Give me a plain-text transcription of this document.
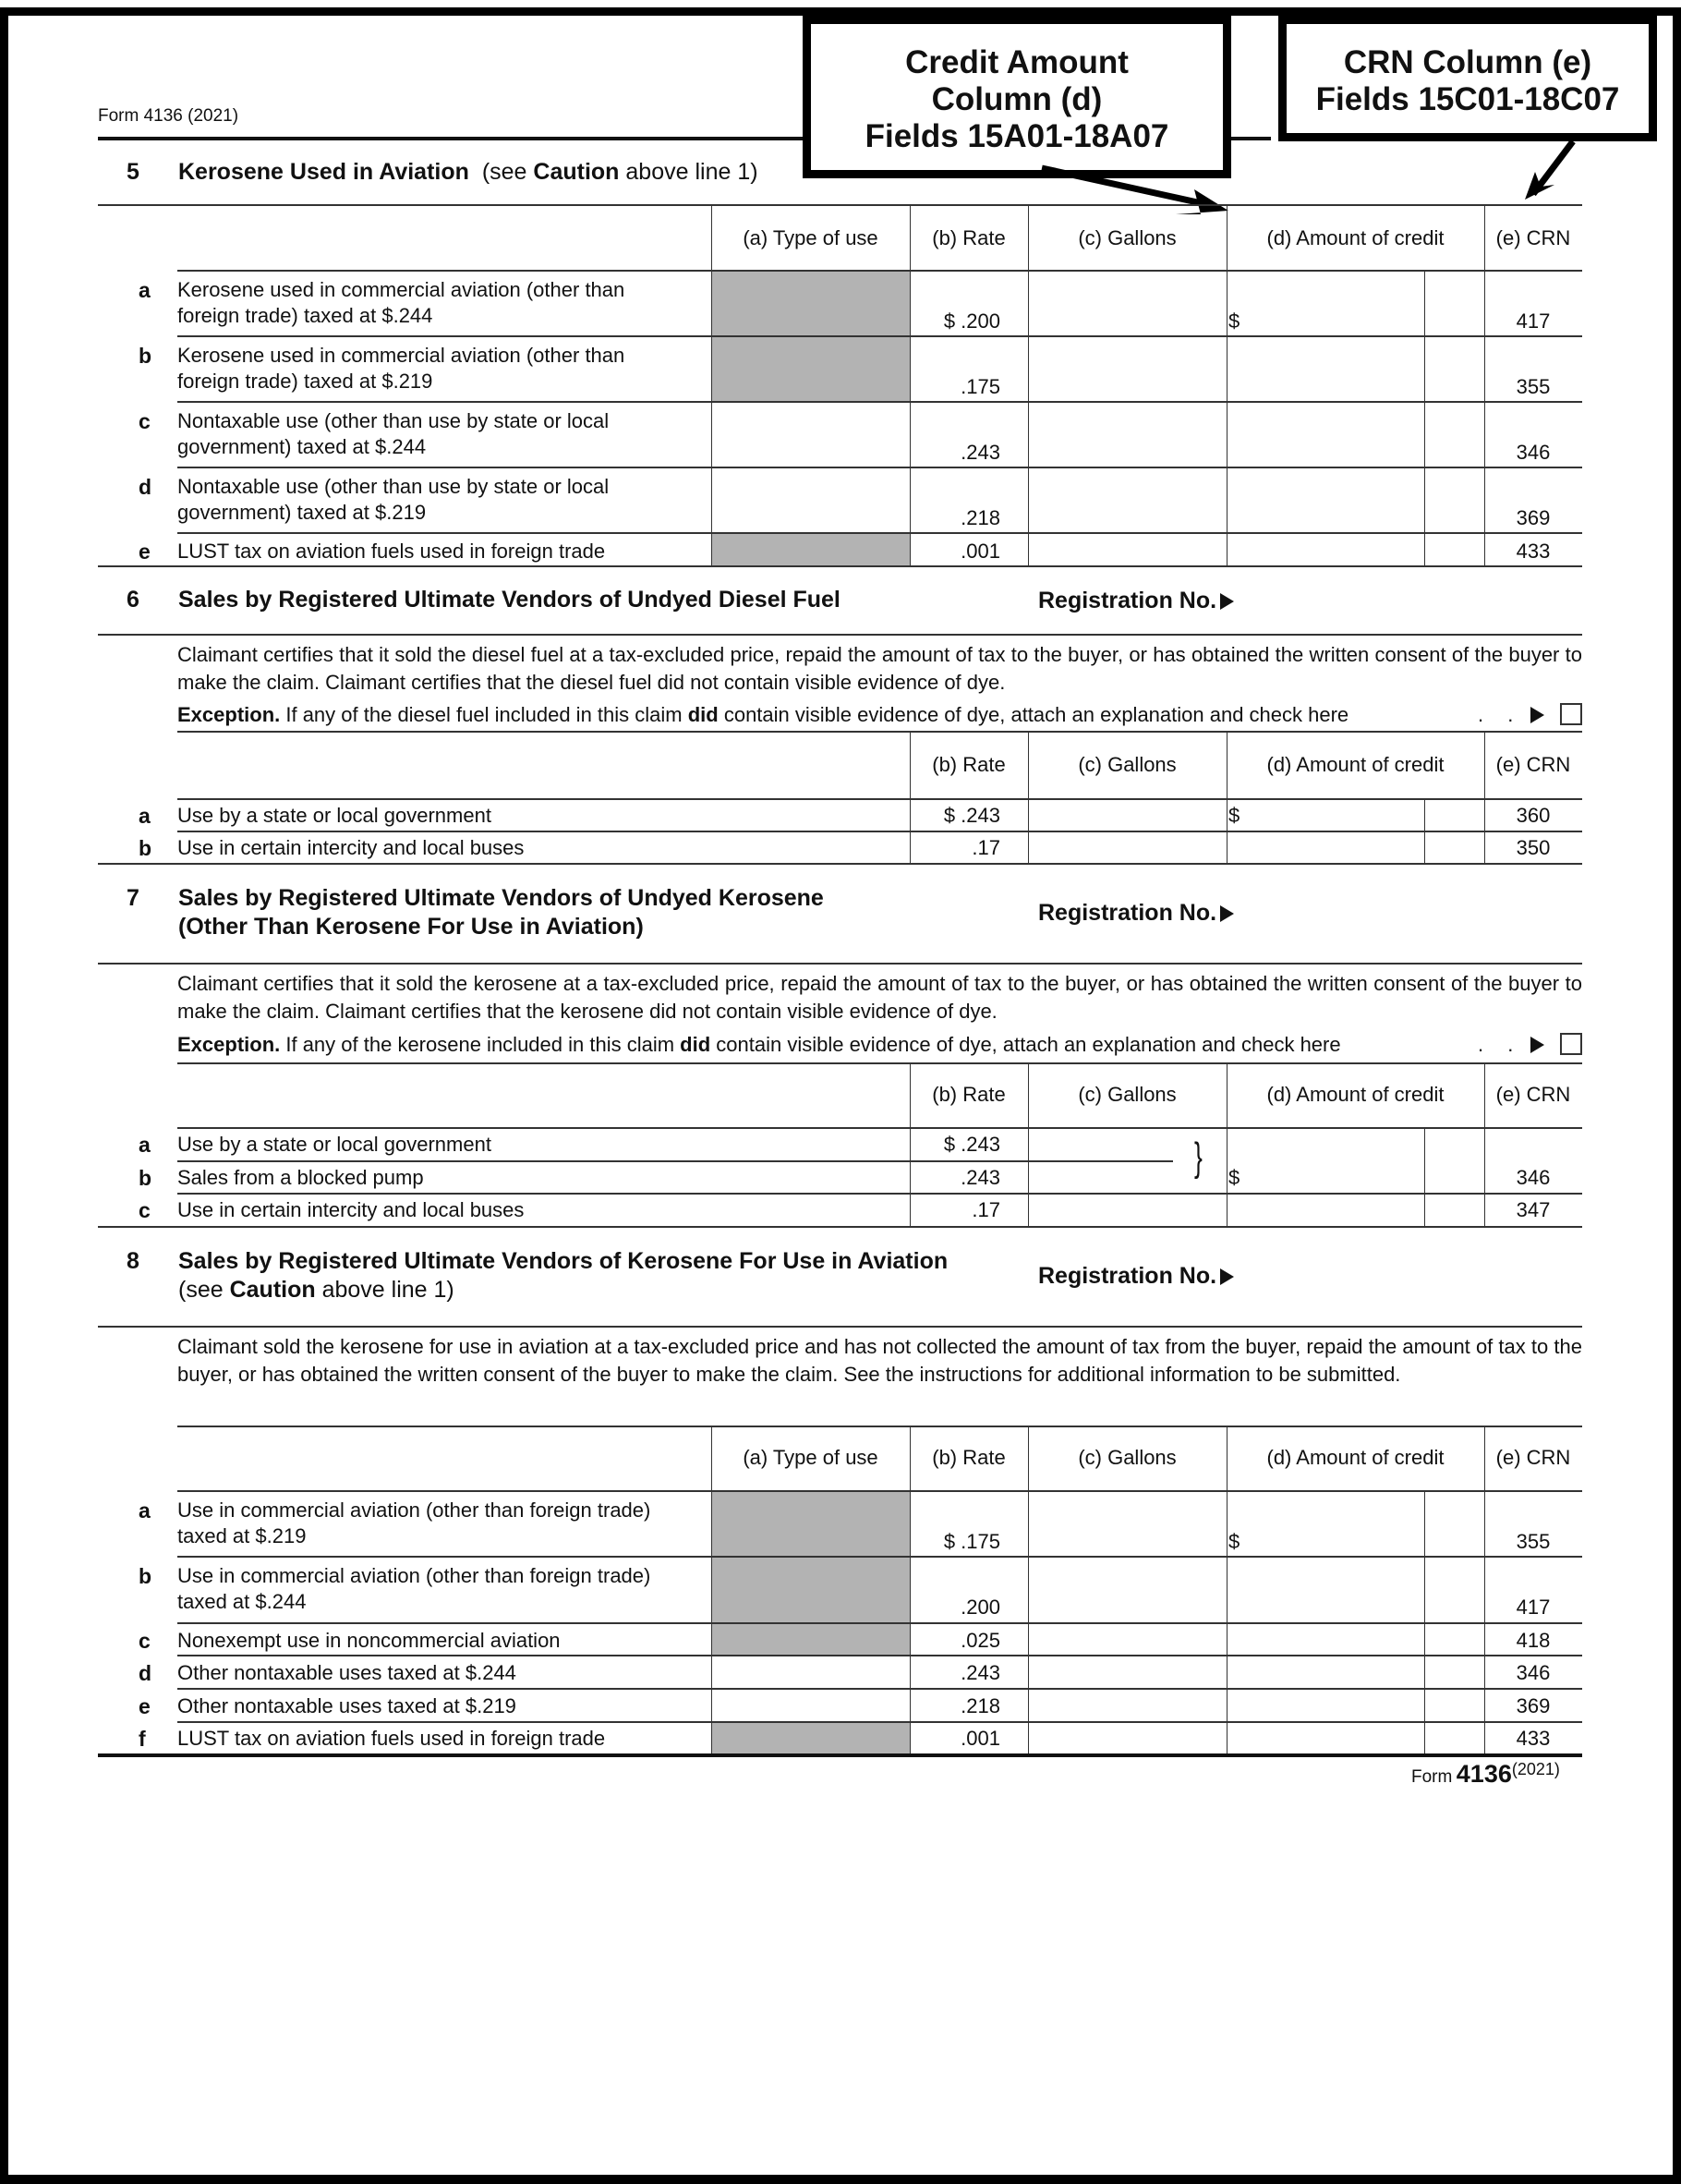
Form 4136 (2021)
Credit Amount
Column (d)
Fields 15A01-18A07
CRN Column (e)
Fields 15C01-18C07
5 Kerosene Used in Aviation (see Caution above line 1)
(a) Type of use	(b) Rate	(c) Gallons	(d) Amount of credit	(e) CRN
a Kerosene used in commercial aviation (other than
foreign trade) taxed at $.244	$ .200	$	417
b Kerosene used in commercial aviation (other than
foreign trade) taxed at $.219	.175	355
c Nontaxable use (other than use by state or local
government) taxed at $.244	.243	346
d Nontaxable use (other than use by state or local
government) taxed at $.219	.218	369
e LUST tax on aviation fuels used in foreign trade	.001	433
6 Sales by Registered Ultimate Vendors of Undyed Diesel Fuel	Registration No.
Claimant certifies that it sold the diesel fuel at a tax-excluded price, repaid the amount of tax to the buyer, or has obtained the written consent of the buyer to make the claim. Claimant certifies that the diesel fuel did not contain visible evidence of dye.
Exception. If any of the diesel fuel included in this claim did contain visible evidence of dye, attach an explanation and check here	. .
(b) Rate	(c) Gallons	(d) Amount of credit	(e) CRN
a Use by a state or local government	$ .243	$	360
b Use in certain intercity and local buses	.17	350
7 Sales by Registered Ultimate Vendors of Undyed Kerosene
(Other Than Kerosene For Use in Aviation)
Registration No.
Claimant certifies that it sold the kerosene at a tax-excluded price, repaid the amount of tax to the buyer, or has obtained the written consent of the buyer to make the claim. Claimant certifies that the kerosene did not contain visible evidence of dye.
Exception. If any of the kerosene included in this claim did contain visible evidence of dye, attach an explanation and check here	. .
(b) Rate	(c) Gallons	(d) Amount of credit	(e) CRN
}
a Use by a state or local government	$ .243
b Sales from a blocked pump	.243	$	346
c Use in certain intercity and local buses	.17	347
8 Sales by Registered Ultimate Vendors of Kerosene For Use in Aviation
(see Caution above line 1)
Registration No.
Claimant sold the kerosene for use in aviation at a tax-excluded price and has not collected the amount of tax from the buyer, repaid the amount of tax to the buyer, or has obtained the written consent of the buyer to make the claim. See the instructions for additional information to be submitted.
(a) Type of use	(b) Rate	(c) Gallons	(d) Amount of credit	(e) CRN
a Use in commercial aviation (other than foreign trade)
taxed at $.219	$ .175	$	355
b Use in commercial aviation (other than foreign trade)
taxed at $.244	.200	417
c Nonexempt use in noncommercial aviation	.025	418
d Other nontaxable uses taxed at $.244	.243	346
e Other nontaxable uses taxed at $.219	.218	369
f LUST tax on aviation fuels used in foreign trade	.001	433
Form 4136(2021)
